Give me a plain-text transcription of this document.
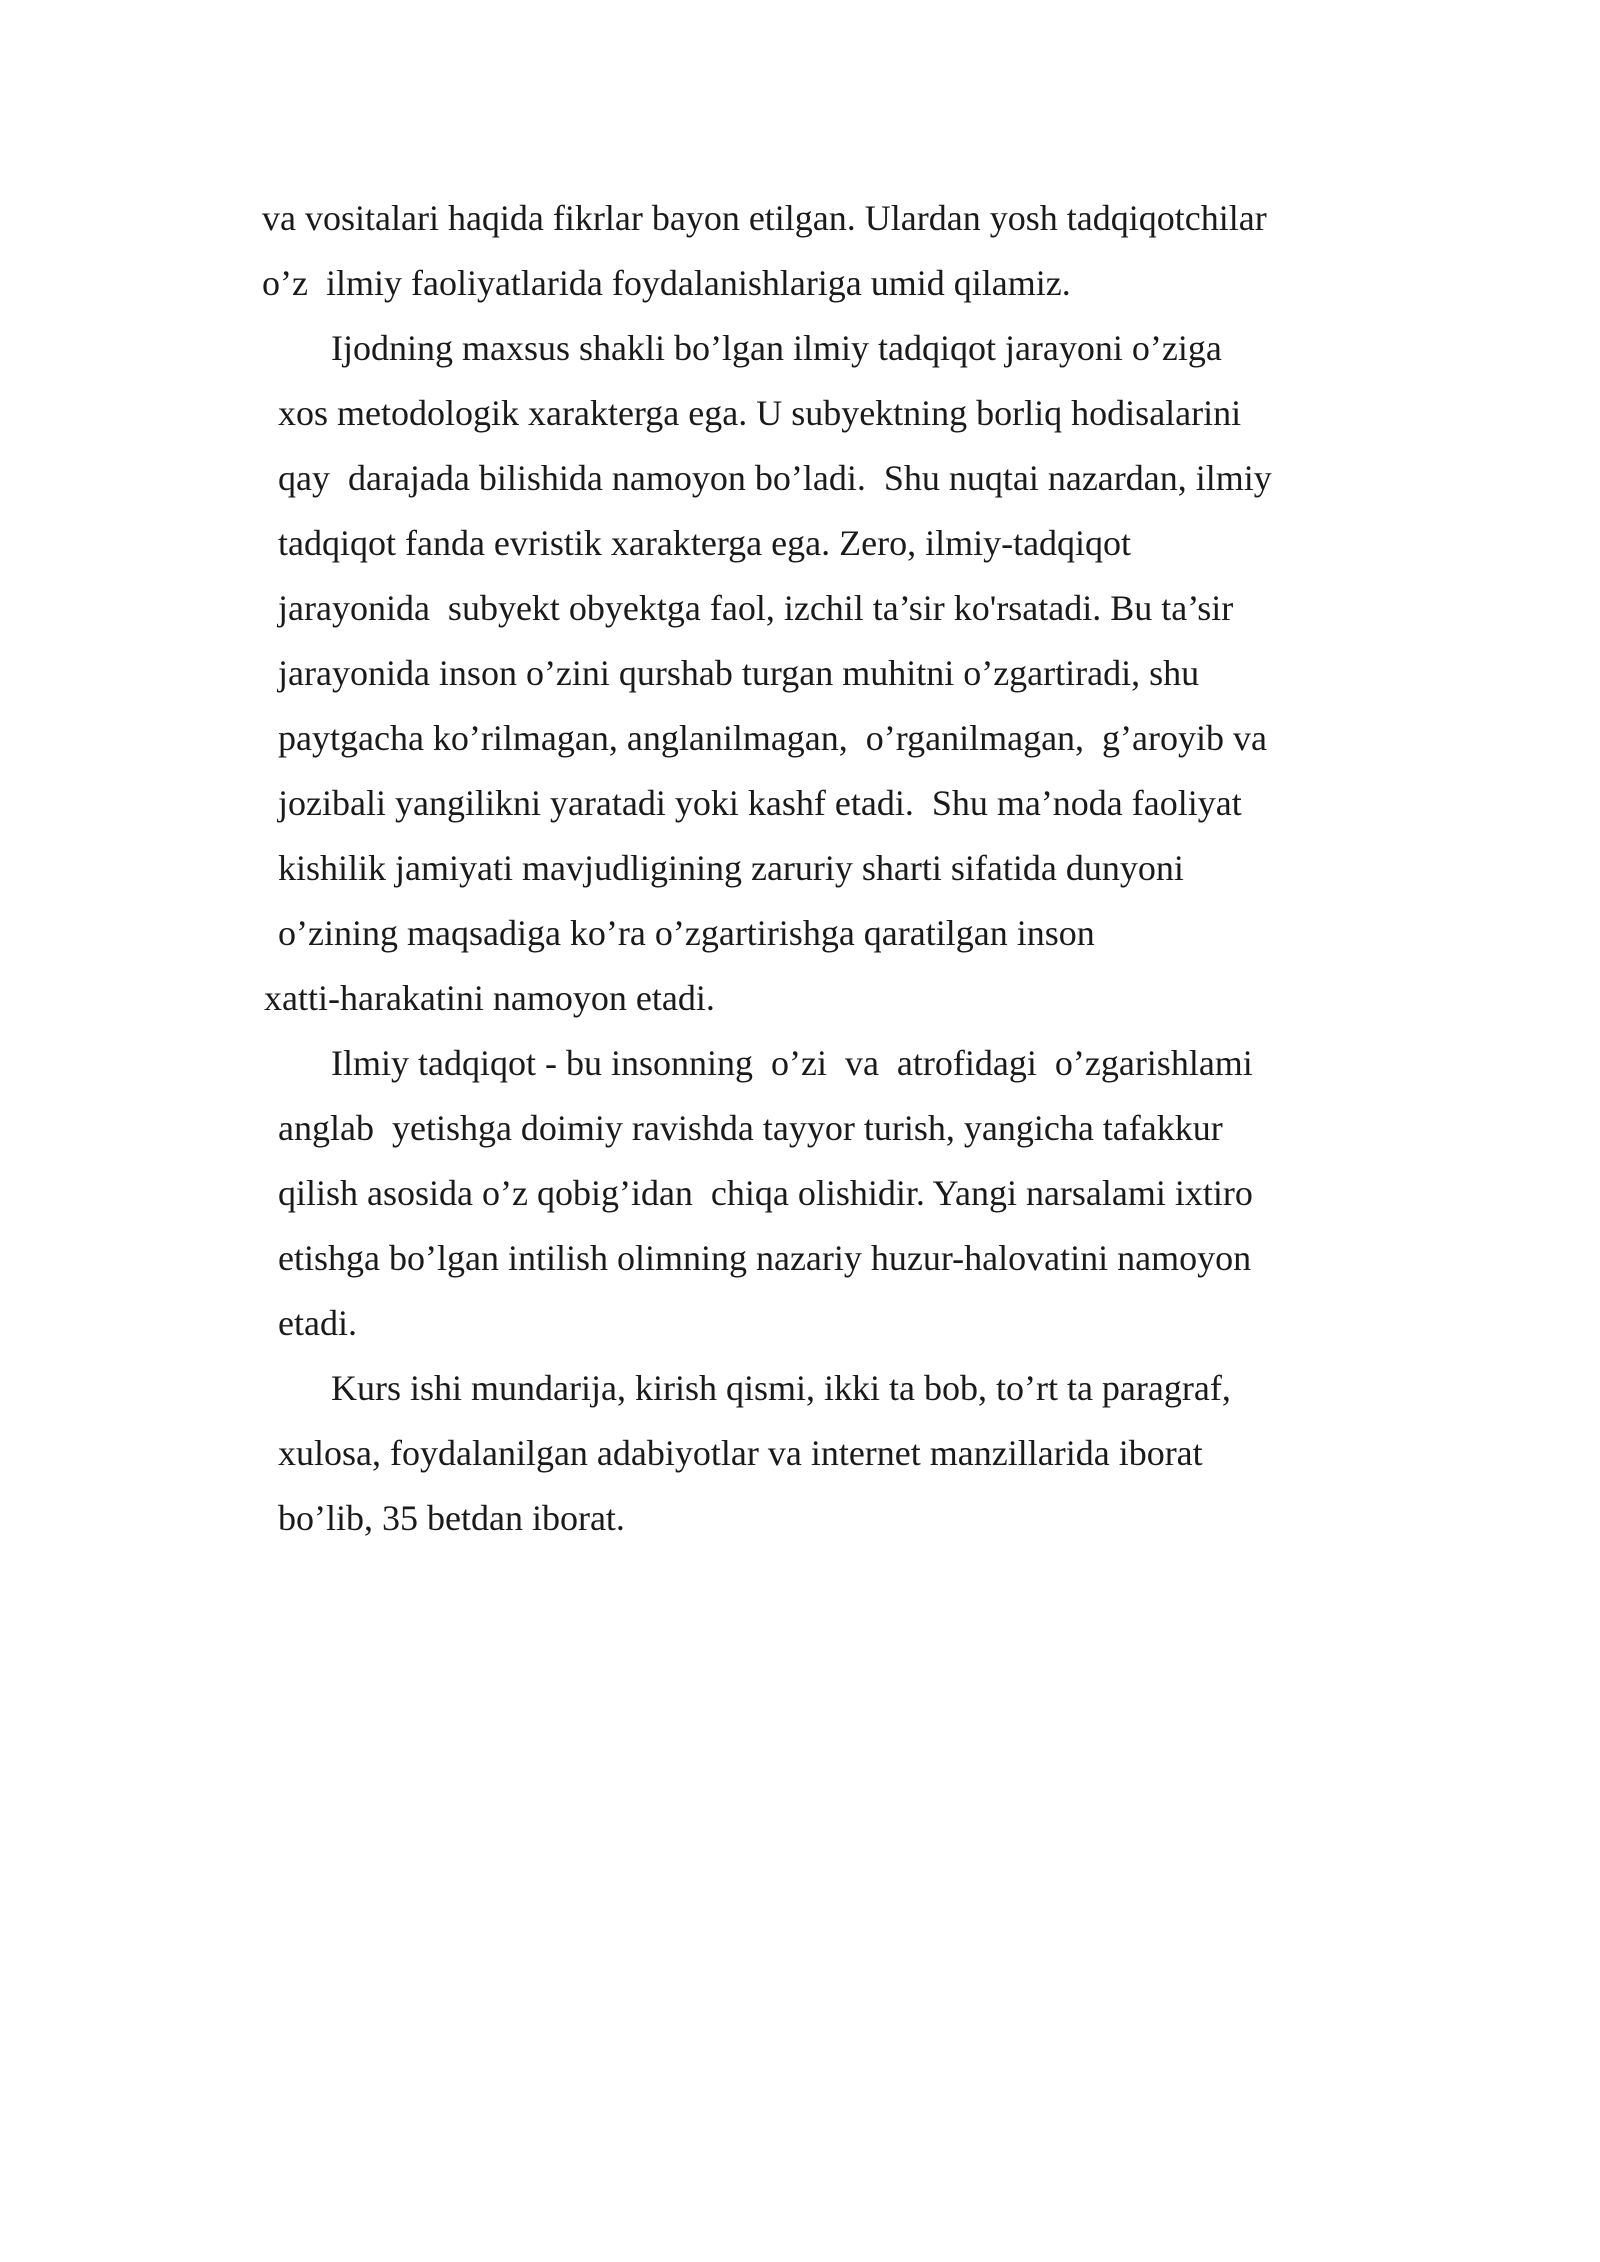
va vositalari haqida fikrlar bayon etilgan. Ulardan yosh tadqiqotchilar

o’z  ilmiy faoliyatlarida foydalanishlariga umid qilamiz.

Ijodning maxsus shakli bo’lgan ilmiy tadqiqot jarayoni o’ziga

xos metodologik xarakterga ega. U subyektning borliq hodisalarini

qay  darajada bilishida namoyon bo’ladi.  Shu nuqtai nazardan, ilmiy

tadqiqot fanda evristik xarakterga ega. Zero, ilmiy-tadqiqot

jarayonida  subyekt obyektga faol, izchil ta’sir ko'rsatadi. Bu ta’sir

jarayonida inson o’zini qurshab turgan muhitni o’zgartiradi, shu

paytgacha ko’rilmagan, anglanilmagan,  o’rganilmagan,  g’aroyib va

jozibali yangilikni yaratadi yoki kashf etadi.  Shu ma’noda faoliyat

kishilik jamiyati mavjudligining zaruriy sharti sifatida dunyoni

o’zining maqsadiga ko’ra o’zgartirishga qaratilgan inson

xatti-harakatini namoyon etadi.

Ilmiy tadqiqot - bu insonning  o’zi  va  atrofidagi  o’zgarishlami

anglab  yetishga doimiy ravishda tayyor turish, yangicha tafakkur

qilish asosida o’z qobig’idan  chiqa olishidir. Yangi narsalami ixtiro

etishga bo’lgan intilish olimning nazariy huzur-halovatini namoyon

etadi.

Kurs ishi mundarija, kirish qismi, ikki ta bob, to’rt ta paragraf,

xulosa, foydalanilgan adabiyotlar va internet manzillarida iborat

bo’lib, 35 betdan iborat.
